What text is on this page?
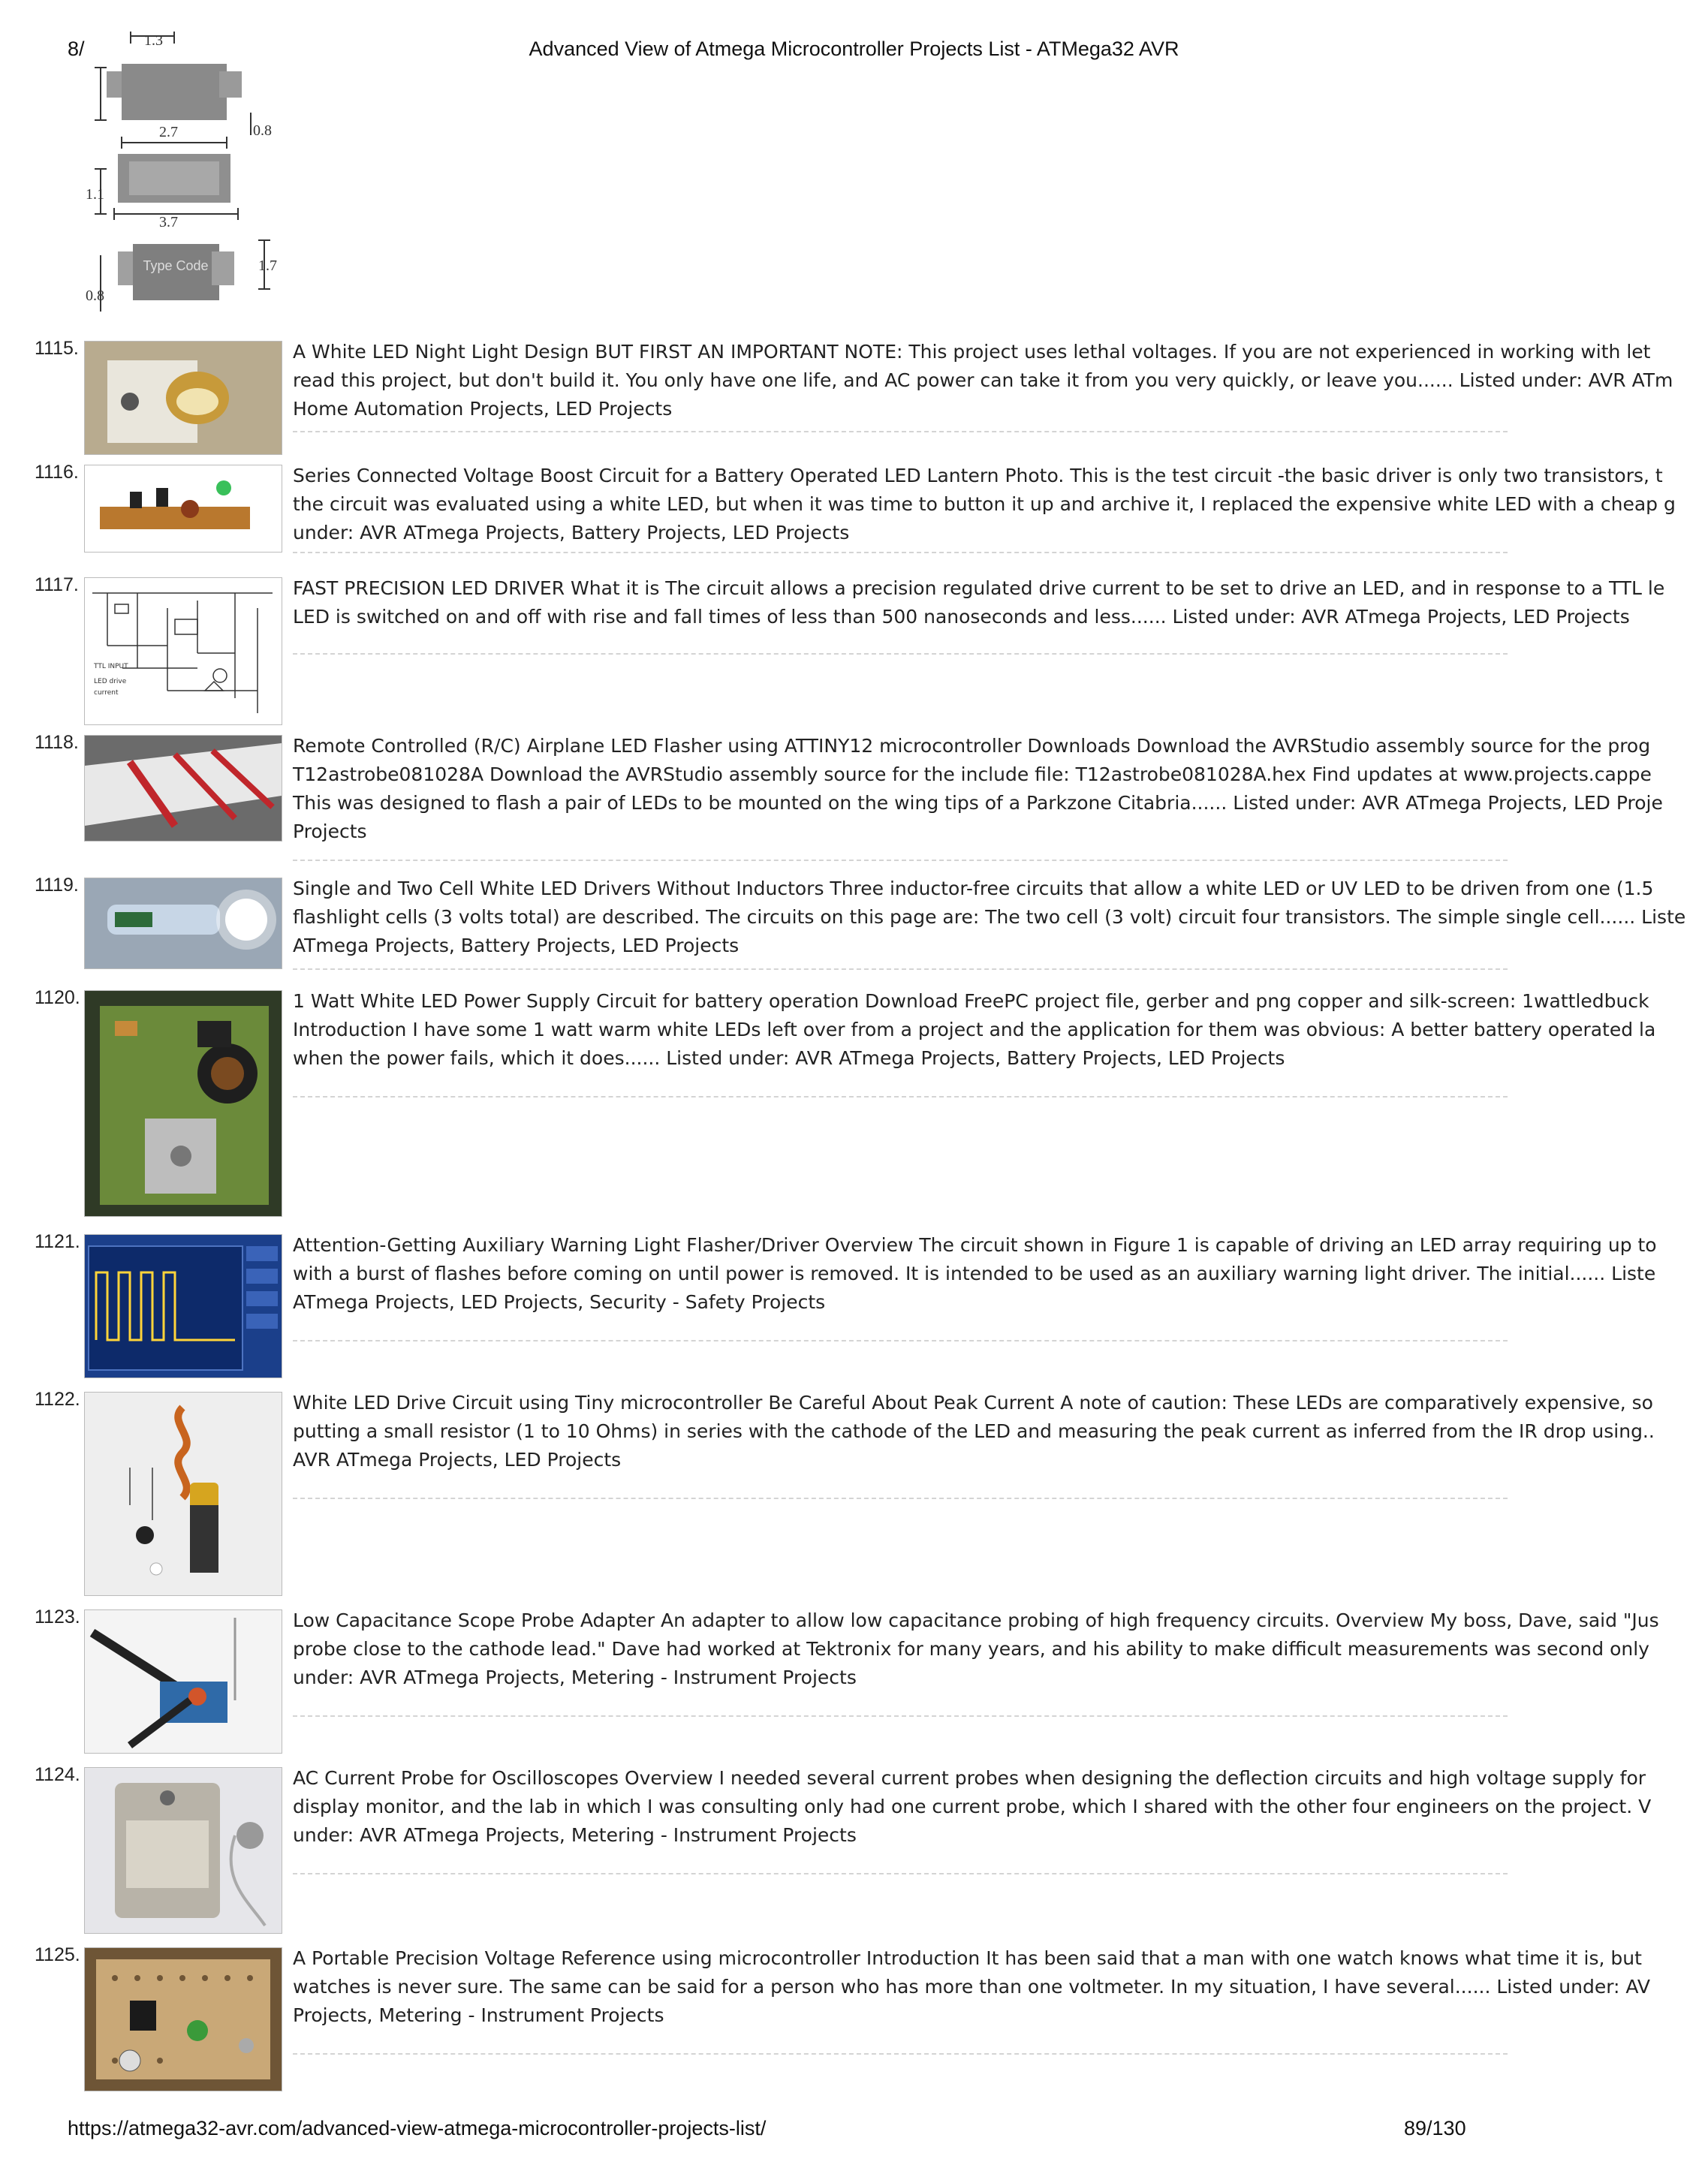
8/	Advanced View of Atmega Microcontroller Projects List - ATMega32 AVR
1.3
0.8
2.7
1.1
3.7
1.7
0.8
Type Code
1115.	A White LED Night Light Design BUT FIRST AN IMPORTANT NOTE: This project uses lethal voltages. If you are not experienced in working with let
read this project, but don't build it. You only have one life, and AC power can take it from you very quickly, or leave you...... Listed under: AVR ATm
Home Automation Projects, LED Projects
1116.	Series Connected Voltage Boost Circuit for a Battery Operated LED Lantern Photo. This is the test circuit -the basic driver is only two transistors, t
the circuit was evaluated using a white LED, but when it was time to button it up and archive it, I replaced the expensive white LED with a cheap g
under: AVR ATmega Projects, Battery Projects, LED Projects
1117.
TTL INPUT
LED drive
current
FAST PRECISION LED DRIVER What it is The circuit allows a precision regulated drive current to be set to drive an LED, and in response to a TTL le
LED is switched on and off with rise and fall times of less than 500 nanoseconds and less...... Listed under: AVR ATmega Projects, LED Projects
1118.	Remote Controlled (R/C) Airplane LED Flasher using ATTINY12 microcontroller Downloads Download the AVRStudio assembly source for the prog
T12astrobe081028A Download the AVRStudio assembly source for the include file: T12astrobe081028A.hex Find updates at www.projects.cappe
This was designed to flash a pair of LEDs to be mounted on the wing tips of a Parkzone Citabria...... Listed under: AVR ATmega Projects, LED Proje
Projects
1119.	Single and Two Cell White LED Drivers Without Inductors Three inductor-free circuits that allow a white LED or UV LED to be driven from one (1.5
flashlight cells (3 volts total) are described. The circuits on this page are: The two cell (3 volt) circuit four transistors. The simple single cell...... Liste
ATmega Projects, Battery Projects, LED Projects
1120.	1 Watt White LED Power Supply Circuit for battery operation Download FreePC project file, gerber and png copper and silk-screen: 1wattledbuck
Introduction I have some 1 watt warm white LEDs left over from a project and the application for them was obvious: A better battery operated la
when the power fails, which it does...... Listed under: AVR ATmega Projects, Battery Projects, LED Projects
1121.	Attention-Getting Auxiliary Warning Light Flasher/Driver Overview The circuit shown in Figure 1 is capable of driving an LED array requiring up to
with a burst of flashes before coming on until power is removed. It is intended to be used as an auxiliary warning light driver. The initial...... Liste
ATmega Projects, LED Projects, Security - Safety Projects
1122.	White LED Drive Circuit using Tiny microcontroller Be Careful About Peak Current A note of caution: These LEDs are comparatively expensive, so
putting a small resistor (1 to 10 Ohms) in series with the cathode of the LED and measuring the peak current as inferred from the IR drop using..
AVR ATmega Projects, LED Projects
1123.	Low Capacitance Scope Probe Adapter An adapter to allow low capacitance probing of high frequency circuits. Overview My boss, Dave, said "Jus
probe close to the cathode lead." Dave had worked at Tektronix for many years, and his ability to make difficult measurements was second only
under: AVR ATmega Projects, Metering - Instrument Projects
1124.	AC Current Probe for Oscilloscopes Overview I needed several current probes when designing the deflection circuits and high voltage supply for
display monitor, and the lab in which I was consulting only had one current probe, which I shared with the other four engineers on the project. V
under: AVR ATmega Projects, Metering - Instrument Projects
1125.	A Portable Precision Voltage Reference using microcontroller Introduction It has been said that a man with one watch knows what time it is, but
watches is never sure. The same can be said for a person who has more than one voltmeter. In my situation, I have several...... Listed under: AV
Projects, Metering - Instrument Projects
https://atmega32-avr.com/advanced-view-atmega-microcontroller-projects-list/	89/130
